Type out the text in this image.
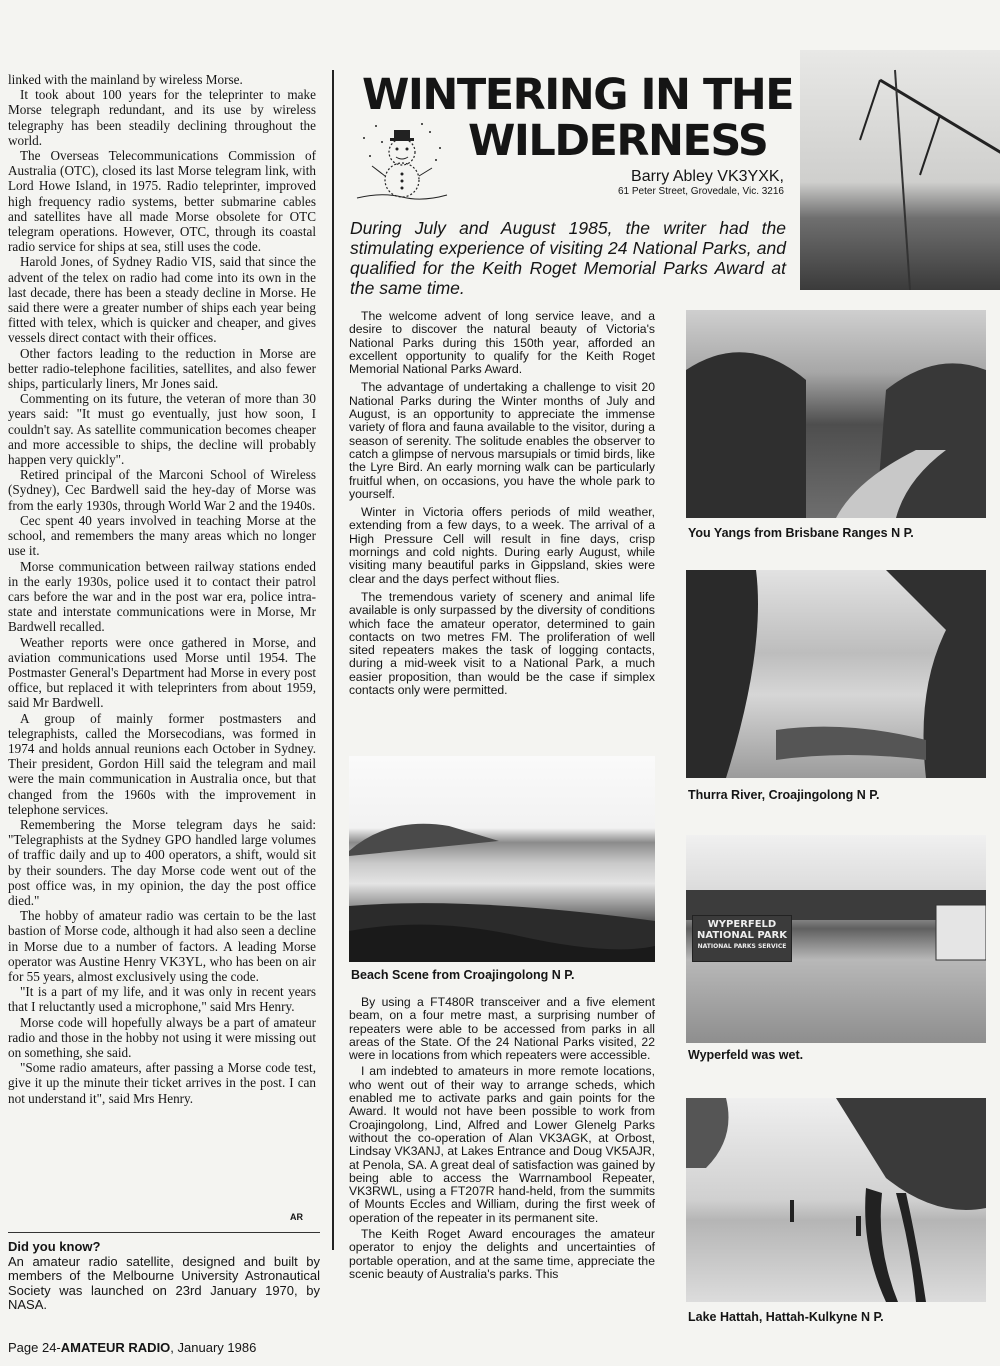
linked with the mainland by wireless Morse.

It took about 100 years for the teleprinter to make Morse telegraph redundant, and its use by wireless telegraphy has been steadily declining throughout the world.

The Overseas Telecommunications Commission of Australia (OTC), closed its last Morse telegram link, with Lord Howe Island, in 1975. Radio teleprinter, improved high frequency radio systems, better submarine cables and satellites have all made Morse obsolete for OTC telegram operations. However, OTC, through its coastal radio service for ships at sea, still uses the code.

Harold Jones, of Sydney Radio VIS, said that since the advent of the telex on radio had come into its own in the last decade, there has been a steady decline in Morse. He said there were a greater number of ships each year being fitted with telex, which is quicker and cheaper, and gives vessels direct contact with their offices.

Other factors leading to the reduction in Morse are better radio-telephone facilities, satellites, and also fewer ships, particularly liners, Mr Jones said.

Commenting on its future, the veteran of more than 30 years said: "It must go eventually, just how soon, I couldn't say. As satellite communication becomes cheaper and more accessible to ships, the decline will probably happen very quickly".

Retired principal of the Marconi School of Wireless (Sydney), Cec Bardwell said the hey-day of Morse was from the early 1930s, through World War 2 and the 1940s.

Cec spent 40 years involved in teaching Morse at the school, and remembers the many areas which no longer use it.

Morse communication between railway stations ended in the early 1930s, police used it to contact their patrol cars before the war and in the post war era, police intra-state and interstate communications were in Morse, Mr Bardwell recalled.

Weather reports were once gathered in Morse, and aviation communications used Morse until 1954. The Postmaster General's Department had Morse in every post office, but replaced it with teleprinters from about 1959, said Mr Bardwell.

A group of mainly former postmasters and telegraphists, called the Morsecodians, was formed in 1974 and holds annual reunions each October in Sydney. Their president, Gordon Hill said the telegram and mail were the main communication in Australia once, but that changed from the 1960s with the improvement in telephone services.

Remembering the Morse telegram days he said: "Telegraphists at the Sydney GPO handled large volumes of traffic daily and up to 400 operators, a shift, would sit by their sounders. The day Morse code went out of the post office was, in my opinion, the day the post office died."

The hobby of amateur radio was certain to be the last bastion of Morse code, although it had also seen a decline in Morse due to a number of factors. A leading Morse operator was Austine Henry VK3YL, who has been on air for 55 years, almost exclusively using the code.

"It is a part of my life, and it was only in recent years that I reluctantly used a microphone," said Mrs Henry.

Morse code will hopefully always be a part of amateur radio and those in the hobby not using it were missing out on something, she said.

"Some radio amateurs, after passing a Morse code test, give it up the minute their ticket arrives in the post. I can not understand it", said Mrs Henry.

AR
Did you know?
An amateur radio satellite, designed and built by members of the Melbourne University Astronautical Society was launched on 23rd January 1970, by NASA.
Page 24-AMATEUR RADIO, January 1986
WINTERING IN THE
WILDERNESS
Barry Abley VK3YXK,
61 Peter Street, Grovedale, Vic. 3216
During July and August 1985, the writer had the stimulating experience of visiting 24 National Parks, and qualified for the Keith Roget Memorial Parks Award at the same time.

The welcome advent of long service leave, and a desire to discover the natural beauty of Victoria's National Parks during this 150th year, afforded an excellent opportunity to qualify for the Keith Roget Memorial National Parks Award.

The advantage of undertaking a challenge to visit 20 National Parks during the Winter months of July and August, is an opportunity to appreciate the immense variety of flora and fauna available to the visitor, during a season of serenity. The solitude enables the observer to catch a glimpse of nervous marsupials or timid birds, like the Lyre Bird. An early morning walk can be particularly fruitful when, on occasions, you have the whole park to yourself.

Winter in Victoria offers periods of mild weather, extending from a few days, to a week. The arrival of a High Pressure Cell will result in fine days, crisp mornings and cold nights. During early August, while visiting many beautiful parks in Gippsland, skies were clear and the days perfect without flies.

The tremendous variety of scenery and animal life available is only surpassed by the diversity of conditions which face the amateur operator, determined to gain contacts on two metres FM. The proliferation of well sited repeaters makes the task of logging contacts, during a mid-week visit to a National Park, a much easier proposition, than would be the case if simplex contacts only were permitted.

Beach Scene from Croajingolong N P.

By using a FT480R transceiver and a five element beam, on a four metre mast, a surprising number of repeaters were able to be accessed from parks in all areas of the State. Of the 24 National Parks visited, 22 were in locations from which repeaters were accessible.

I am indebted to amateurs in more remote locations, who went out of their way to arrange scheds, which enabled me to activate parks and gain points for the Award. It would not have been possible to work from Croajingolong, Lind, Alfred and Lower Glenelg Parks without the co-operation of Alan VK3AGK, at Orbost, Lindsay VK3ANJ, at Lakes Entrance and Doug VK5AJR, at Penola, SA. A great deal of satisfaction was gained by being able to access the Warrnambool Repeater, VK3RWL, using a FT207R hand-held, from the summits of Mounts Eccles and William, during the first week of operation of the repeater in its permanent site.

The Keith Roget Award encourages the amateur operator to enjoy the delights and uncertainties of portable operation, and at the same time, appreciate the scenic beauty of Australia's parks. This

You Yangs from Brisbane Ranges N P.
Thurra River, Croajingolong N P.
WYPERFELD
NATIONAL PARK
NATIONAL PARKS SERVICE
Wyperfeld was wet.
Lake Hattah, Hattah-Kulkyne N P.
